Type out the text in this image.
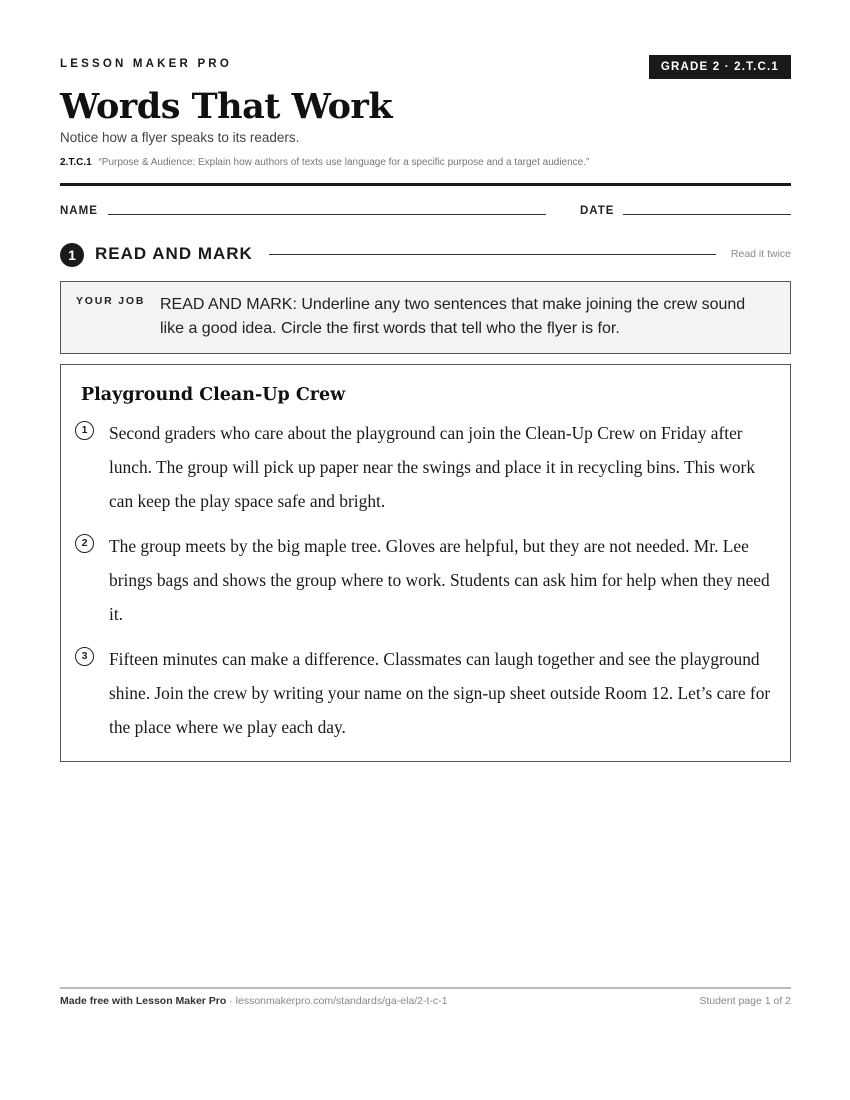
LESSON MAKER PRO	GRADE 2 · 2.T.C.1
Words That Work
Notice how a flyer speaks to its readers.
2.T.C.1 “Purpose & Audience: Explain how authors of texts use language for a specific purpose and a target audience.”
NAME	DATE
1	READ AND MARK	Read it twice
YOUR JOB READ AND MARK: Underline any two sentences that make joining the crew sound like a good idea. Circle the first words that tell who the flyer is for.
Playground Clean-Up Crew
1	Second graders who care about the playground can join the Clean-Up Crew on Friday after lunch. The group will pick up paper near the swings and place it in recycling bins. This work can keep the play space safe and bright.
2	The group meets by the big maple tree. Gloves are helpful, but they are not needed. Mr. Lee brings bags and shows the group where to work. Students can ask him for help when they need it.
3	Fifteen minutes can make a difference. Classmates can laugh together and see the playground shine. Join the crew by writing your name on the sign-up sheet outside Room 12. Let’s care for the place where we play each day.
Made free with Lesson Maker Pro · lessonmakerpro.com/standards/ga-ela/2-t-c-1	Student page 1 of 2
